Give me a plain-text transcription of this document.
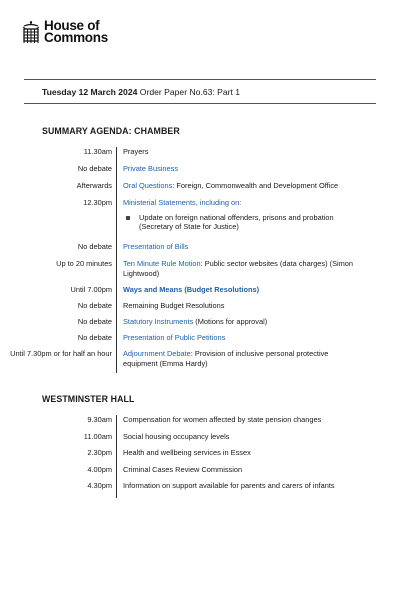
House of
Commons
Tuesday 12 March 2024 Order Paper No.63: Part 1
SUMMARY AGENDA: CHAMBER
11.30am	Prayers
No debate	Private Business
Afterwards	Oral Questions: Foreign, Commonwealth and Development Office
12.30pm	Ministerial Statements, including on:
Update on foreign national offenders, prisons and probation (Secretary of State for Justice)
No debate	Presentation of Bills
Up to 20 minutes	Ten Minute Rule Motion: Public sector websites (data charges) (Simon Lightwood)
Until 7.00pm	Ways and Means (Budget Resolutions)
No debate	Remaining Budget Resolutions
No debate	Statutory Instruments (Motions for approval)
No debate	Presentation of Public Petitions
Until 7.30pm or for half an hour	Adjournment Debate: Provision of inclusive personal protective equipment (Emma Hardy)
WESTMINSTER HALL
9.30am	Compensation for women affected by state pension changes
11.00am	Social housing occupancy levels
2.30pm	Health and wellbeing services in Essex
4.00pm	Criminal Cases Review Commission
4.30pm	Information on support available for parents and carers of infants
